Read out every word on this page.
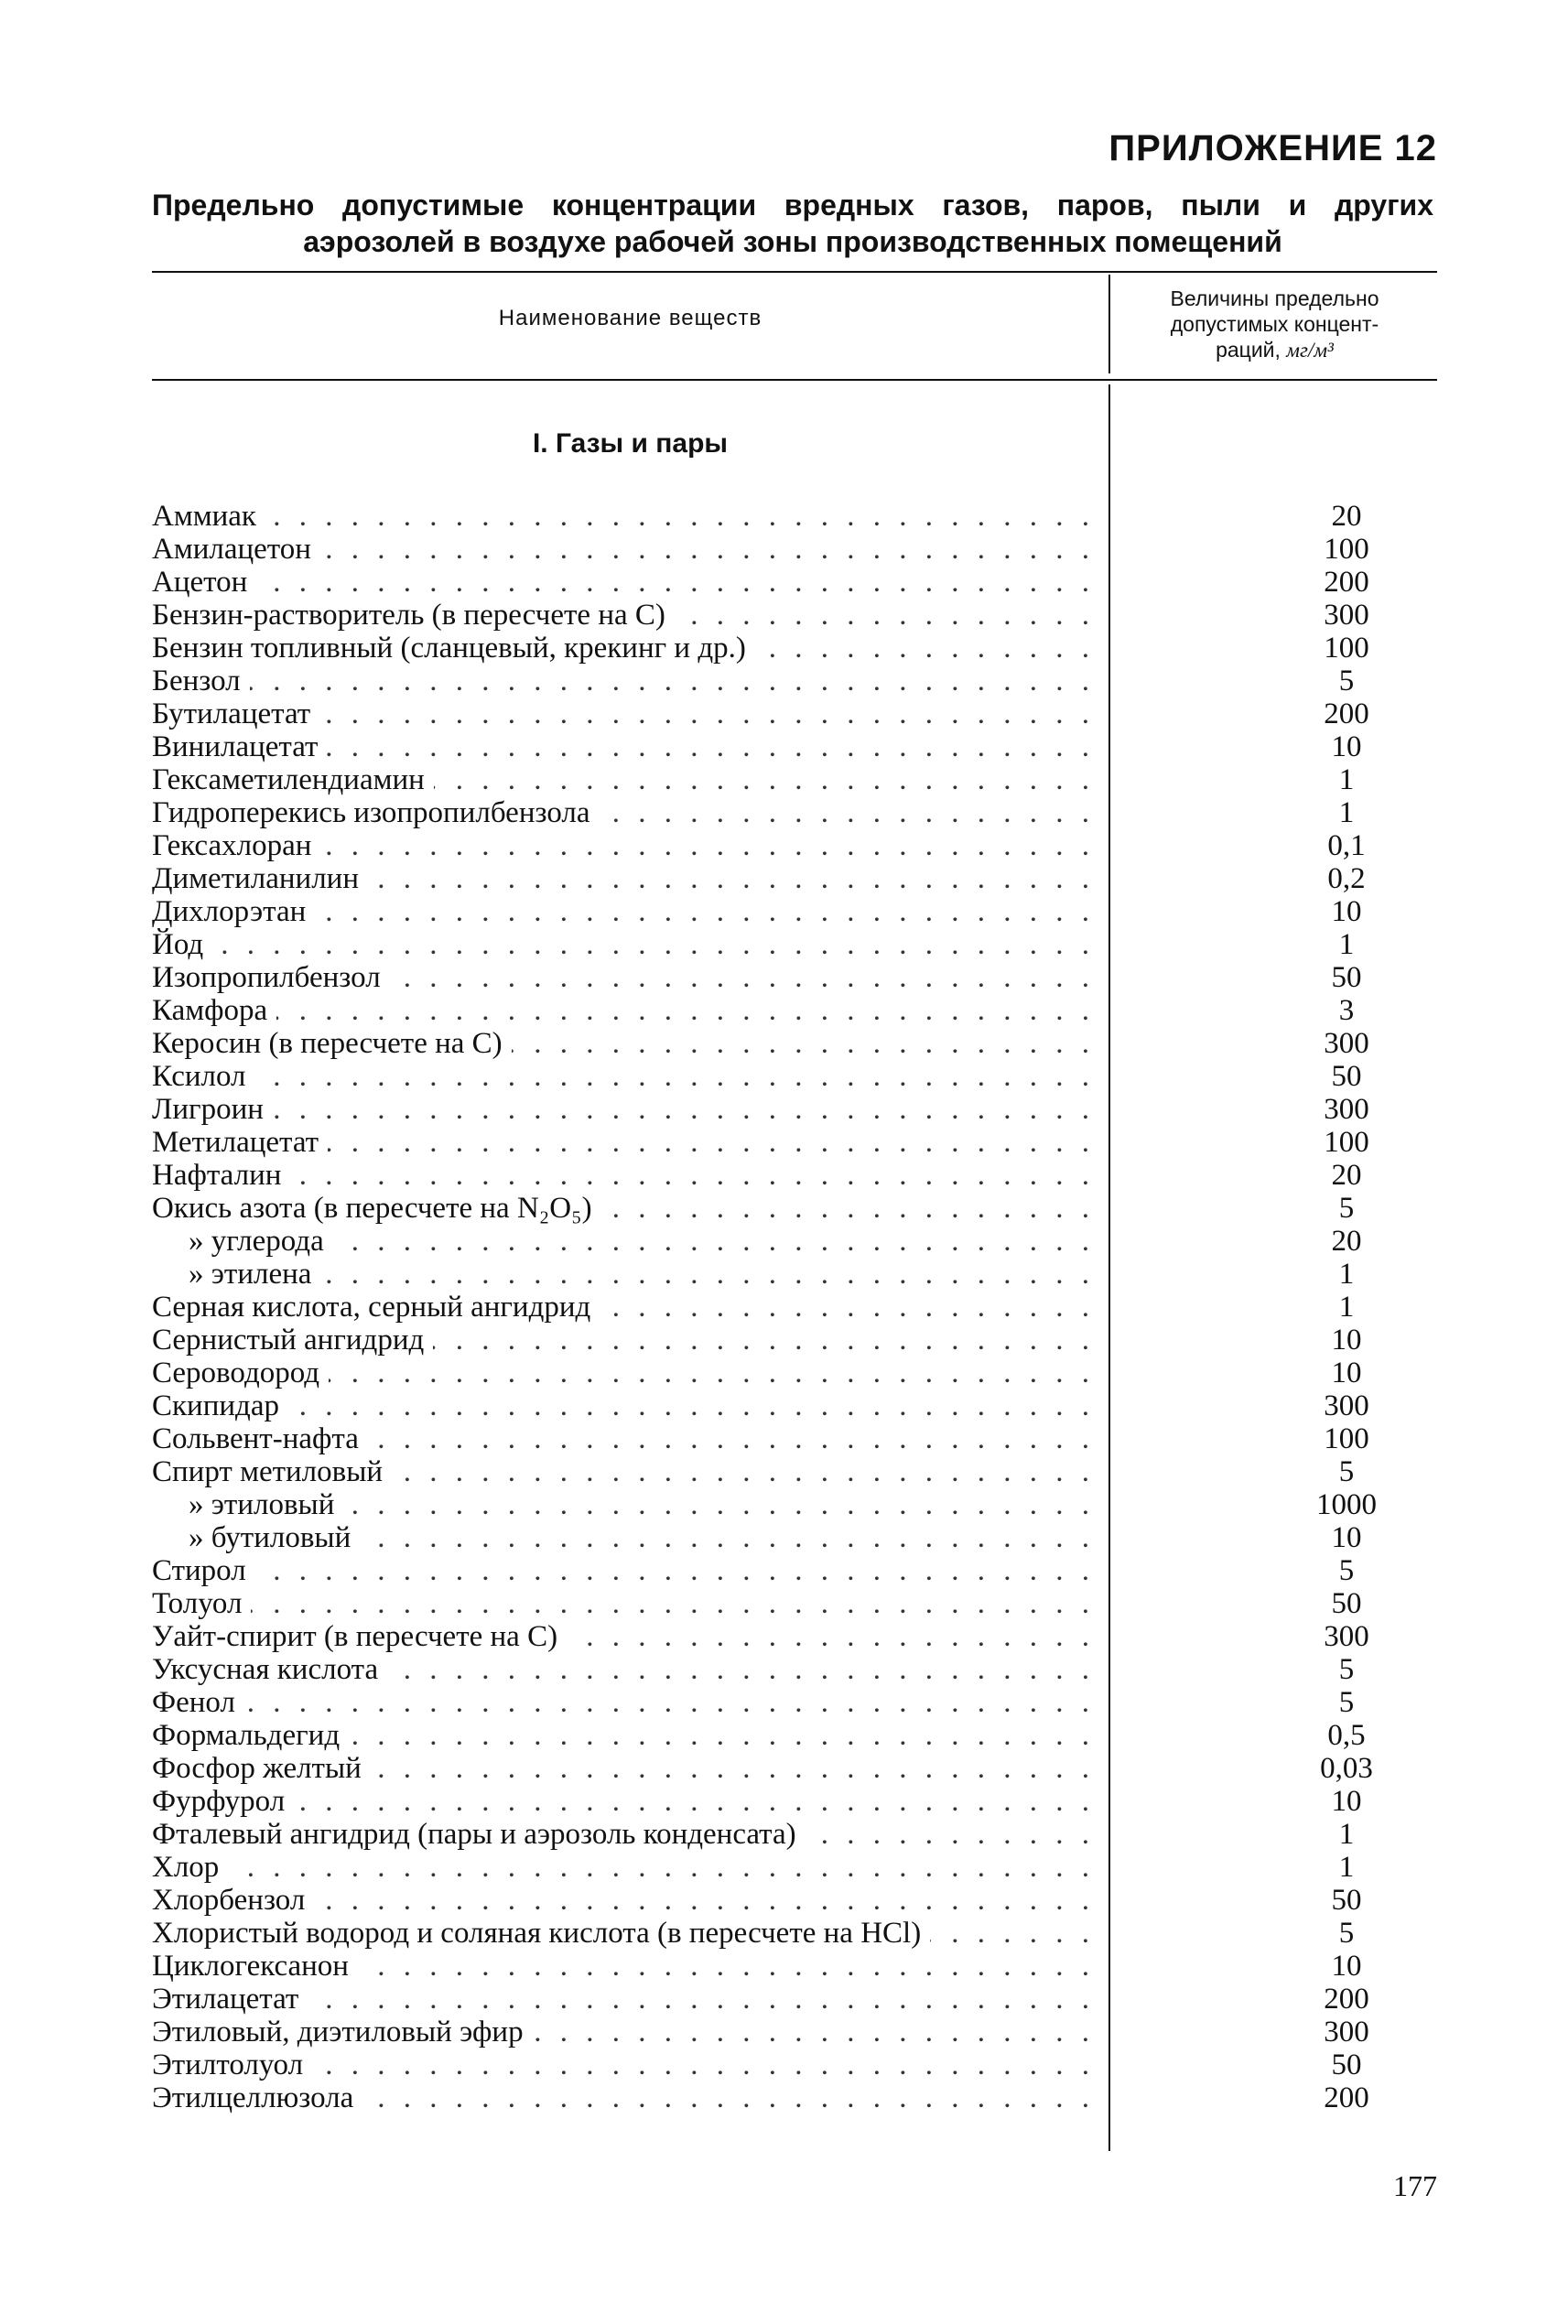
ПРИЛОЖЕНИЕ 12
Предельно допустимые концентрации вредных газов, паров, пыли и других
аэрозолей в воздухе рабочей зоны производственных помещений
Наименование веществ
Величины предельно
допустимых концент-
раций, мг/м³
I. Газы и пары
Аммиак . . .	20
Амилацетон . . .	100
Ацетон . . .	200
Бензин-растворитель (в пересчете на С) . . .	300
Бензин топливный (сланцевый, крекинг и др.) . . .	100
Бензол . . .	5
Бутилацетат . . .	200
Винилацетат . . .	10
Гексаметилендиамин . . .	1
Гидроперекись изопропилбензола . . .	1
Гексахлоран . . .	0,1
Диметиланилин . . .	0,2
Дихлорэтан . . .	10
Йод . . .	1
Изопропилбензол . . .	50
Камфора . . .	3
Керосин (в пересчете на С) . . .	300
Ксилол . . .	50
Лигроин . . .	300
Метилацетат . . .	100
Нафталин . . .	20
Окись азота (в пересчете на N₂O₅) . . .	5
» углерода . . .	20
» этилена . . .	1
Серная кислота, серный ангидрид . . .	1
Сернистый ангидрид . . .	10
Сероводород . . .	10
Скипидар . . .	300
Сольвент-нафта . . .	100
Спирт метиловый . . .	5
» этиловый . . .	1000
» бутиловый . . .	10
Стирол . . .	5
Толуол . . .	50
Уайт-спирит (в пересчете на С) . . .	300
Уксусная кислота . . .	5
Фенол . . .	5
Формальдегид . . .	0,5
Фосфор желтый . . .	0,03
Фурфурол . . .	10
Фталевый ангидрид (пары и аэрозоль конденсата) . . .	1
Хлор . . .	1
Хлорбензол . . .	50
Хлористый водород и соляная кислота (в пересчете на HCl) . . .	5
Циклогексанон . . .	10
Этилацетат . . .	200
Этиловый, диэтиловый эфир . . .	300
Этилтолуол . . .	50
Этилцеллюзола . . .	200
177
